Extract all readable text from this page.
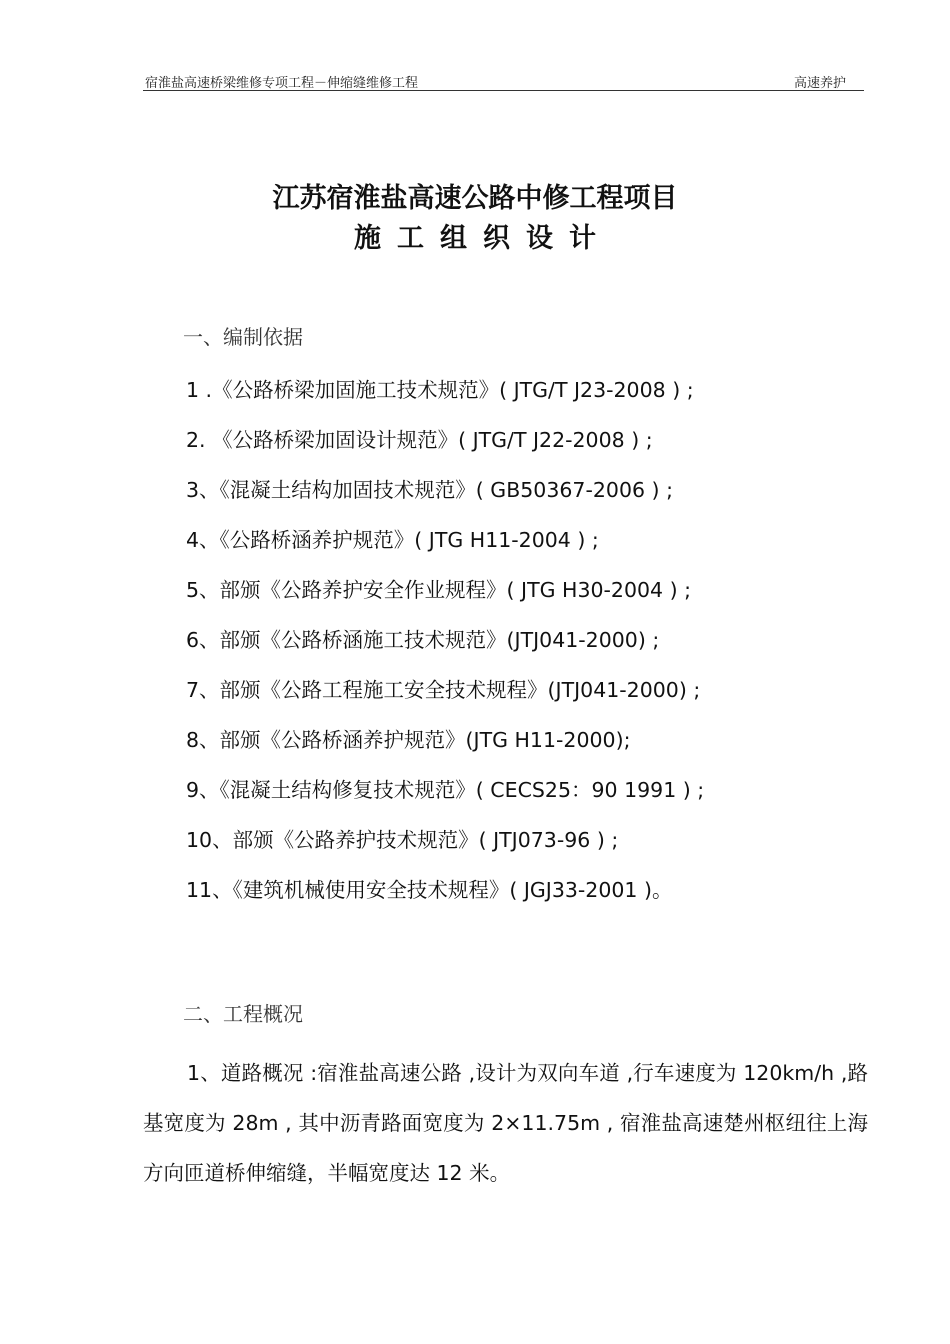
宿淮盐高速桥梁维修专项工程－伸缩缝维修工程	高速养护
江苏宿淮盐高速公路中修工程项目
施工组织设计
一、编制依据
1 .《公路桥梁加固施工技术规范》( JTG/T J23-2008 ) ;
2. 《公路桥梁加固设计规范》( JTG/T J22-2008 ) ;
3、《混凝土结构加固技术规范》( GB50367-2006 ) ;
4、《公路桥涵养护规范》( JTG H11-2004 ) ;
5、部颁《公路养护安全作业规程》( JTG H30-2004 ) ;
6、部颁《公路桥涵施工技术规范》(JTJ041-2000) ;
7、部颁《公路工程施工安全技术规程》(JTJ041-2000) ;
8、部颁《公路桥涵养护规范》(JTG H11-2000);
9、《混凝土结构修复技术规范》( CECS25：90 1991 ) ;
10、部颁《公路养护技术规范》( JTJ073-96 ) ;
11、《建筑机械使用安全技术规程》( JGJ33-2001 )。
二、工程概况

1、道路概况 :宿淮盐高速公路 ,设计为双向车道 ,行车速度为 120km/h ,路基宽度为 28m , 其中沥青路面宽度为 2×11.75m , 宿淮盐高速楚州枢纽往上海方向匝道桥伸缩缝，半幅宽度达 12 米。
